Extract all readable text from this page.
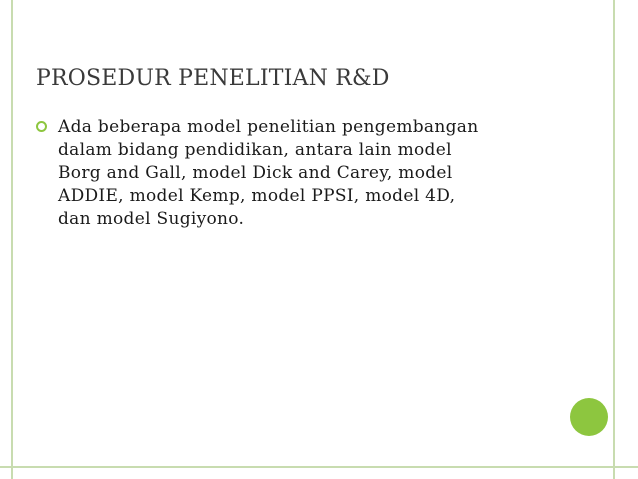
PROSEDUR PENELITIAN R&D
Ada beberapa model penelitian pengembangan
dalam bidang pendidikan, antara lain model
Borg and Gall, model Dick and Carey, model
ADDIE, model Kemp, model PPSI, model 4D,
dan model Sugiyono.
